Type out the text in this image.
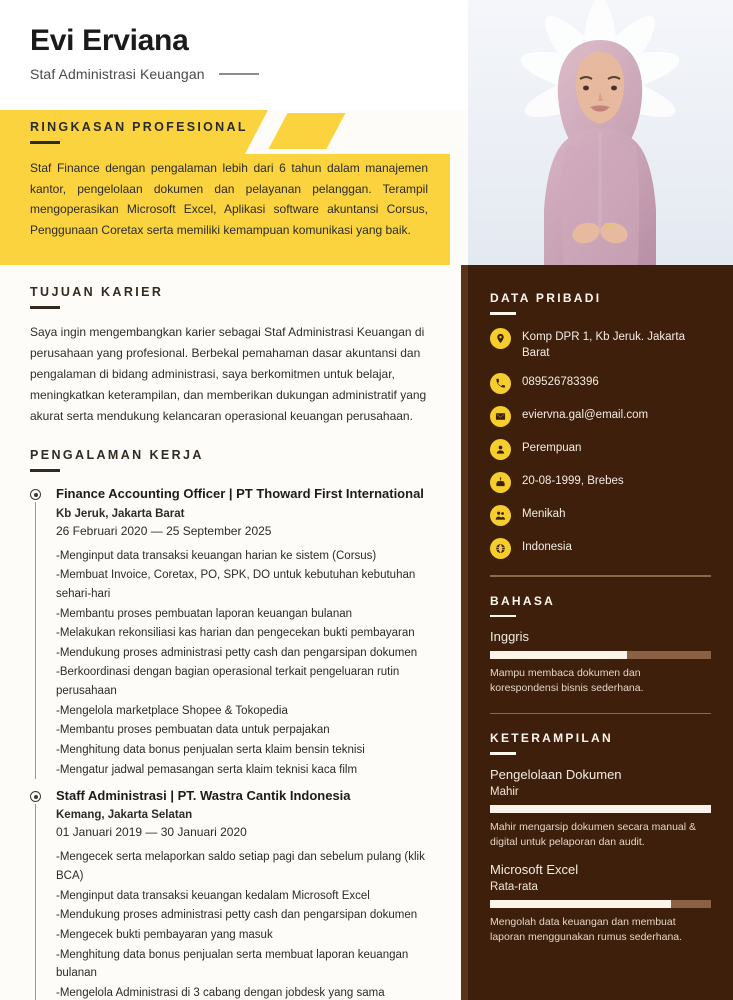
Evi Erviana
Staf Administrasi Keuangan
RINGKASAN PROFESIONAL
Staf Finance dengan pengalaman lebih dari 6 tahun dalam manajemen kantor, pengelolaan dokumen dan pelayanan pelanggan. Terampil mengoperasikan Microsoft Excel, Aplikasi software akuntansi Corsus, Penggunaan Coretax serta memiliki kemampuan komunikasi yang baik.
TUJUAN KARIER
Saya ingin mengembangkan karier sebagai Staf Administrasi Keuangan di perusahaan yang profesional. Berbekal pemahaman dasar akuntansi dan pengalaman di bidang administrasi, saya berkomitmen untuk belajar, meningkatkan keterampilan, dan memberikan dukungan administratif yang akurat serta mendukung kelancaran operasional keuangan perusahaan.
PENGALAMAN KERJA
Finance Accounting Officer | PT Thoward First International
Kb Jeruk, Jakarta Barat
26 Februari 2020 — 25 September 2025
-Menginput data transaksi keuangan harian ke sistem (Corsus)
-Membuat Invoice, Coretax, PO, SPK, DO untuk kebutuhan kebutuhan sehari-hari
-Membantu proses pembuatan laporan keuangan bulanan
-Melakukan rekonsiliasi kas harian dan pengecekan bukti pembayaran
-Mendukung proses administrasi petty cash dan pengarsipan dokumen
-Berkoordinasi dengan bagian operasional terkait pengeluaran rutin perusahaan
-Mengelola marketplace Shopee & Tokopedia
-Membantu proses pembuatan data untuk perpajakan
-Menghitung data bonus penjualan serta klaim bensin teknisi
-Mengatur jadwal pemasangan serta klaim teknisi kaca film
Staff Administrasi | PT. Wastra Cantik Indonesia
Kemang, Jakarta Selatan
01 Januari 2019 — 30 Januari 2020
-Mengecek serta melaporkan saldo setiap pagi dan sebelum pulang (klik BCA)
-Menginput data transaksi keuangan kedalam Microsoft Excel
-Mendukung proses administrasi petty cash dan pengarsipan dokumen
-Mengecek bukti pembayaran yang masuk
-Menghitung data bonus penjualan serta membuat laporan keuangan bulanan
-Mengelola Administrasi di 3 cabang dengan jobdesk yang sama
DATA PRIBADI
Komp DPR 1, Kb Jeruk. Jakarta Barat
089526783396
eviervna.gal@email.com
Perempuan
20-08-1999, Brebes
Menikah
Indonesia
BAHASA
Inggris
Mampu membaca dokumen dan korespondensi bisnis sederhana.
KETERAMPILAN
Pengelolaan Dokumen
Mahir
Mahir mengarsip dokumen secara manual & digital untuk pelaporan dan audit.
Microsoft Excel
Rata-rata
Mengolah data keuangan dan membuat laporan menggunakan rumus sederhana.
